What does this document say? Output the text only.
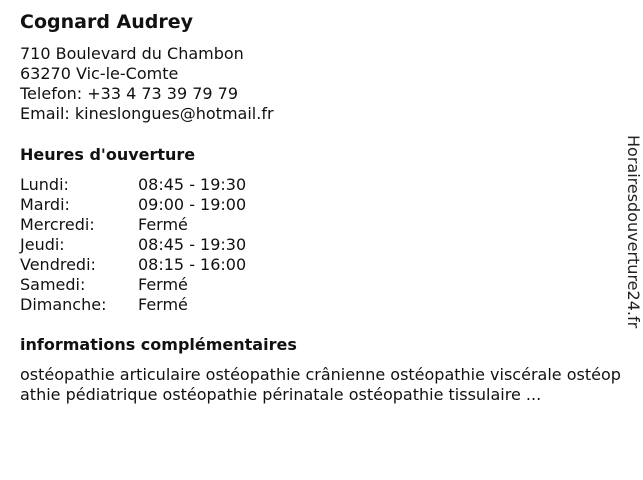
Cognard Audrey
710 Boulevard du Chambon
63270 Vic-le-Comte
Telefon: +33 4 73 39 79 79
Email: kineslongues@hotmail.fr
Heures d'ouverture
Lundi:	08:45 - 19:30
Mardi:	09:00 - 19:00
Mercredi:	Fermé
Jeudi:	08:45 - 19:30
Vendredi:	08:15 - 16:00
Samedi:	Fermé
Dimanche: Fermé
informations complémentaires
ostéopathie articulaire ostéopathie crânienne ostéopathie viscérale ostéopathie pédiatrique ostéopathie périnatale ostéopathie tissulaire ...
Horairesdouverture24.fr
